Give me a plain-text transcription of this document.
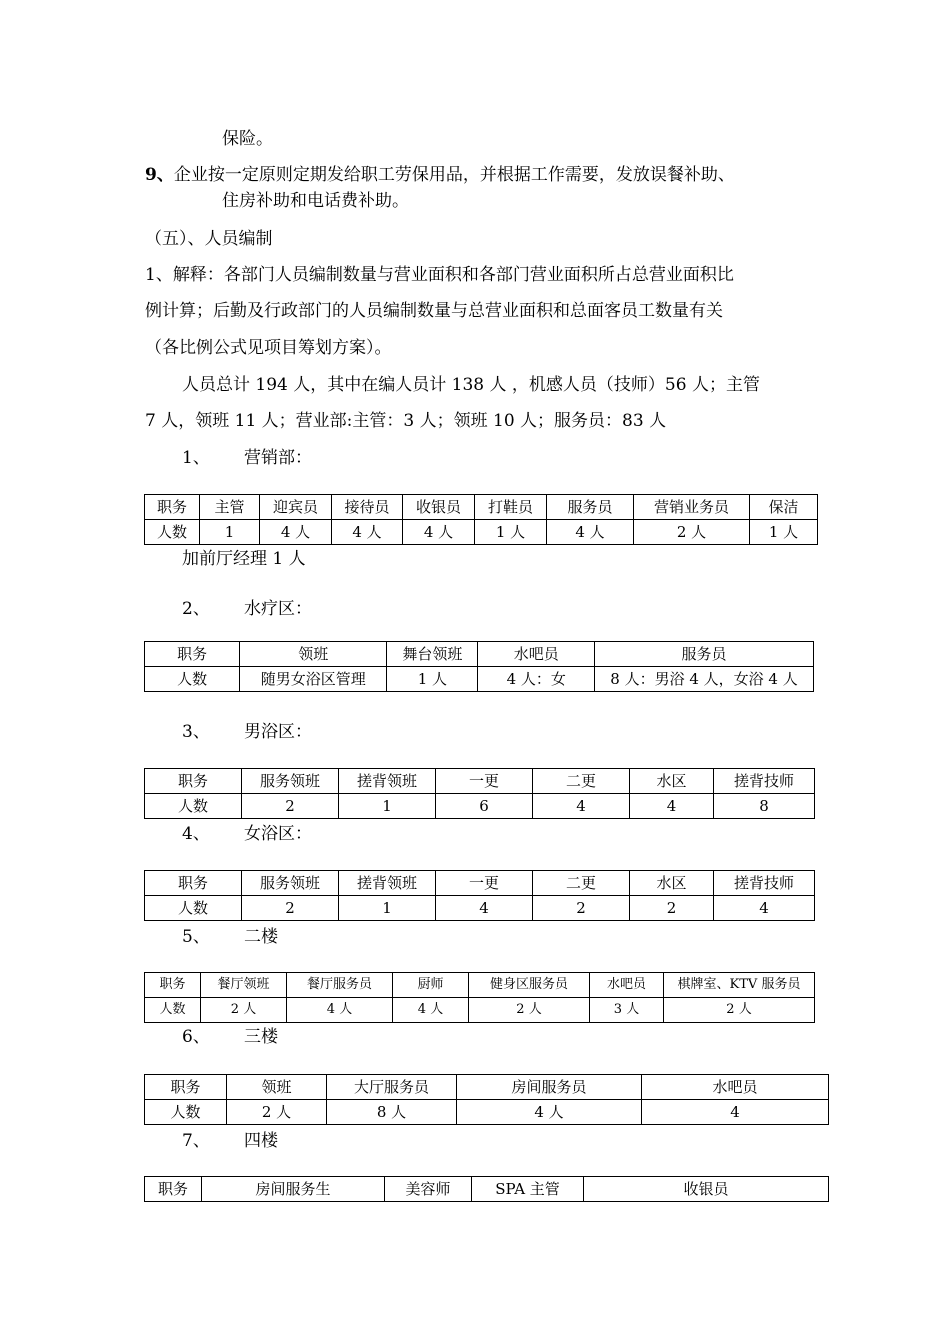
保险。
9、企业按一定原则定期发给职工劳保用品，并根据工作需要，发放误餐补助、
住房补助和电话费补助。
（五）、人员编制
1、解释：各部门人员编制数量与营业面积和各部门营业面积所占总营业面积比
例计算；后勤及行政部门的人员编制数量与总营业面积和总面客员工数量有关
（各比例公式见项目筹划方案）。
人员总计 194 人，其中在编人员计 138 人 ，机感人员（技师）56 人；主管
7 人，领班 11 人；营业部:主管：3 人；领班 10 人；服务员：83 人
1、 营销部：
职务	主管	迎宾员	接待员	收银员	打鞋员	服务员	营销业务员	保洁
人数	1	4 人	4 人	4 人	1 人	4 人	2 人	1 人
加前厅经理 1 人
2、 水疗区：
职务	领班	舞台领班	水吧员	服务员
人数	随男女浴区管理	1 人	4 人：女	8 人：男浴 4 人，女浴 4 人
3、 男浴区：
职务	服务领班	搓背领班	一更	二更	水区	搓背技师
人数	2	1	6	4	4	8
4、 女浴区：
职务	服务领班	搓背领班	一更	二更	水区	搓背技师
人数	2	1	4	2	2	4
5、 二楼
职务	餐厅领班	餐厅服务员	厨师	健身区服务员	水吧员	棋牌室、KTV 服务员
人数	2 人	4 人	4 人	2 人	3 人	2 人
6、 三楼
职务	领班	大厅服务员	房间服务员	水吧员
人数	2 人	8 人	4 人	4
7、 四楼
职务	房间服务生	美容师	SPA 主管	收银员
